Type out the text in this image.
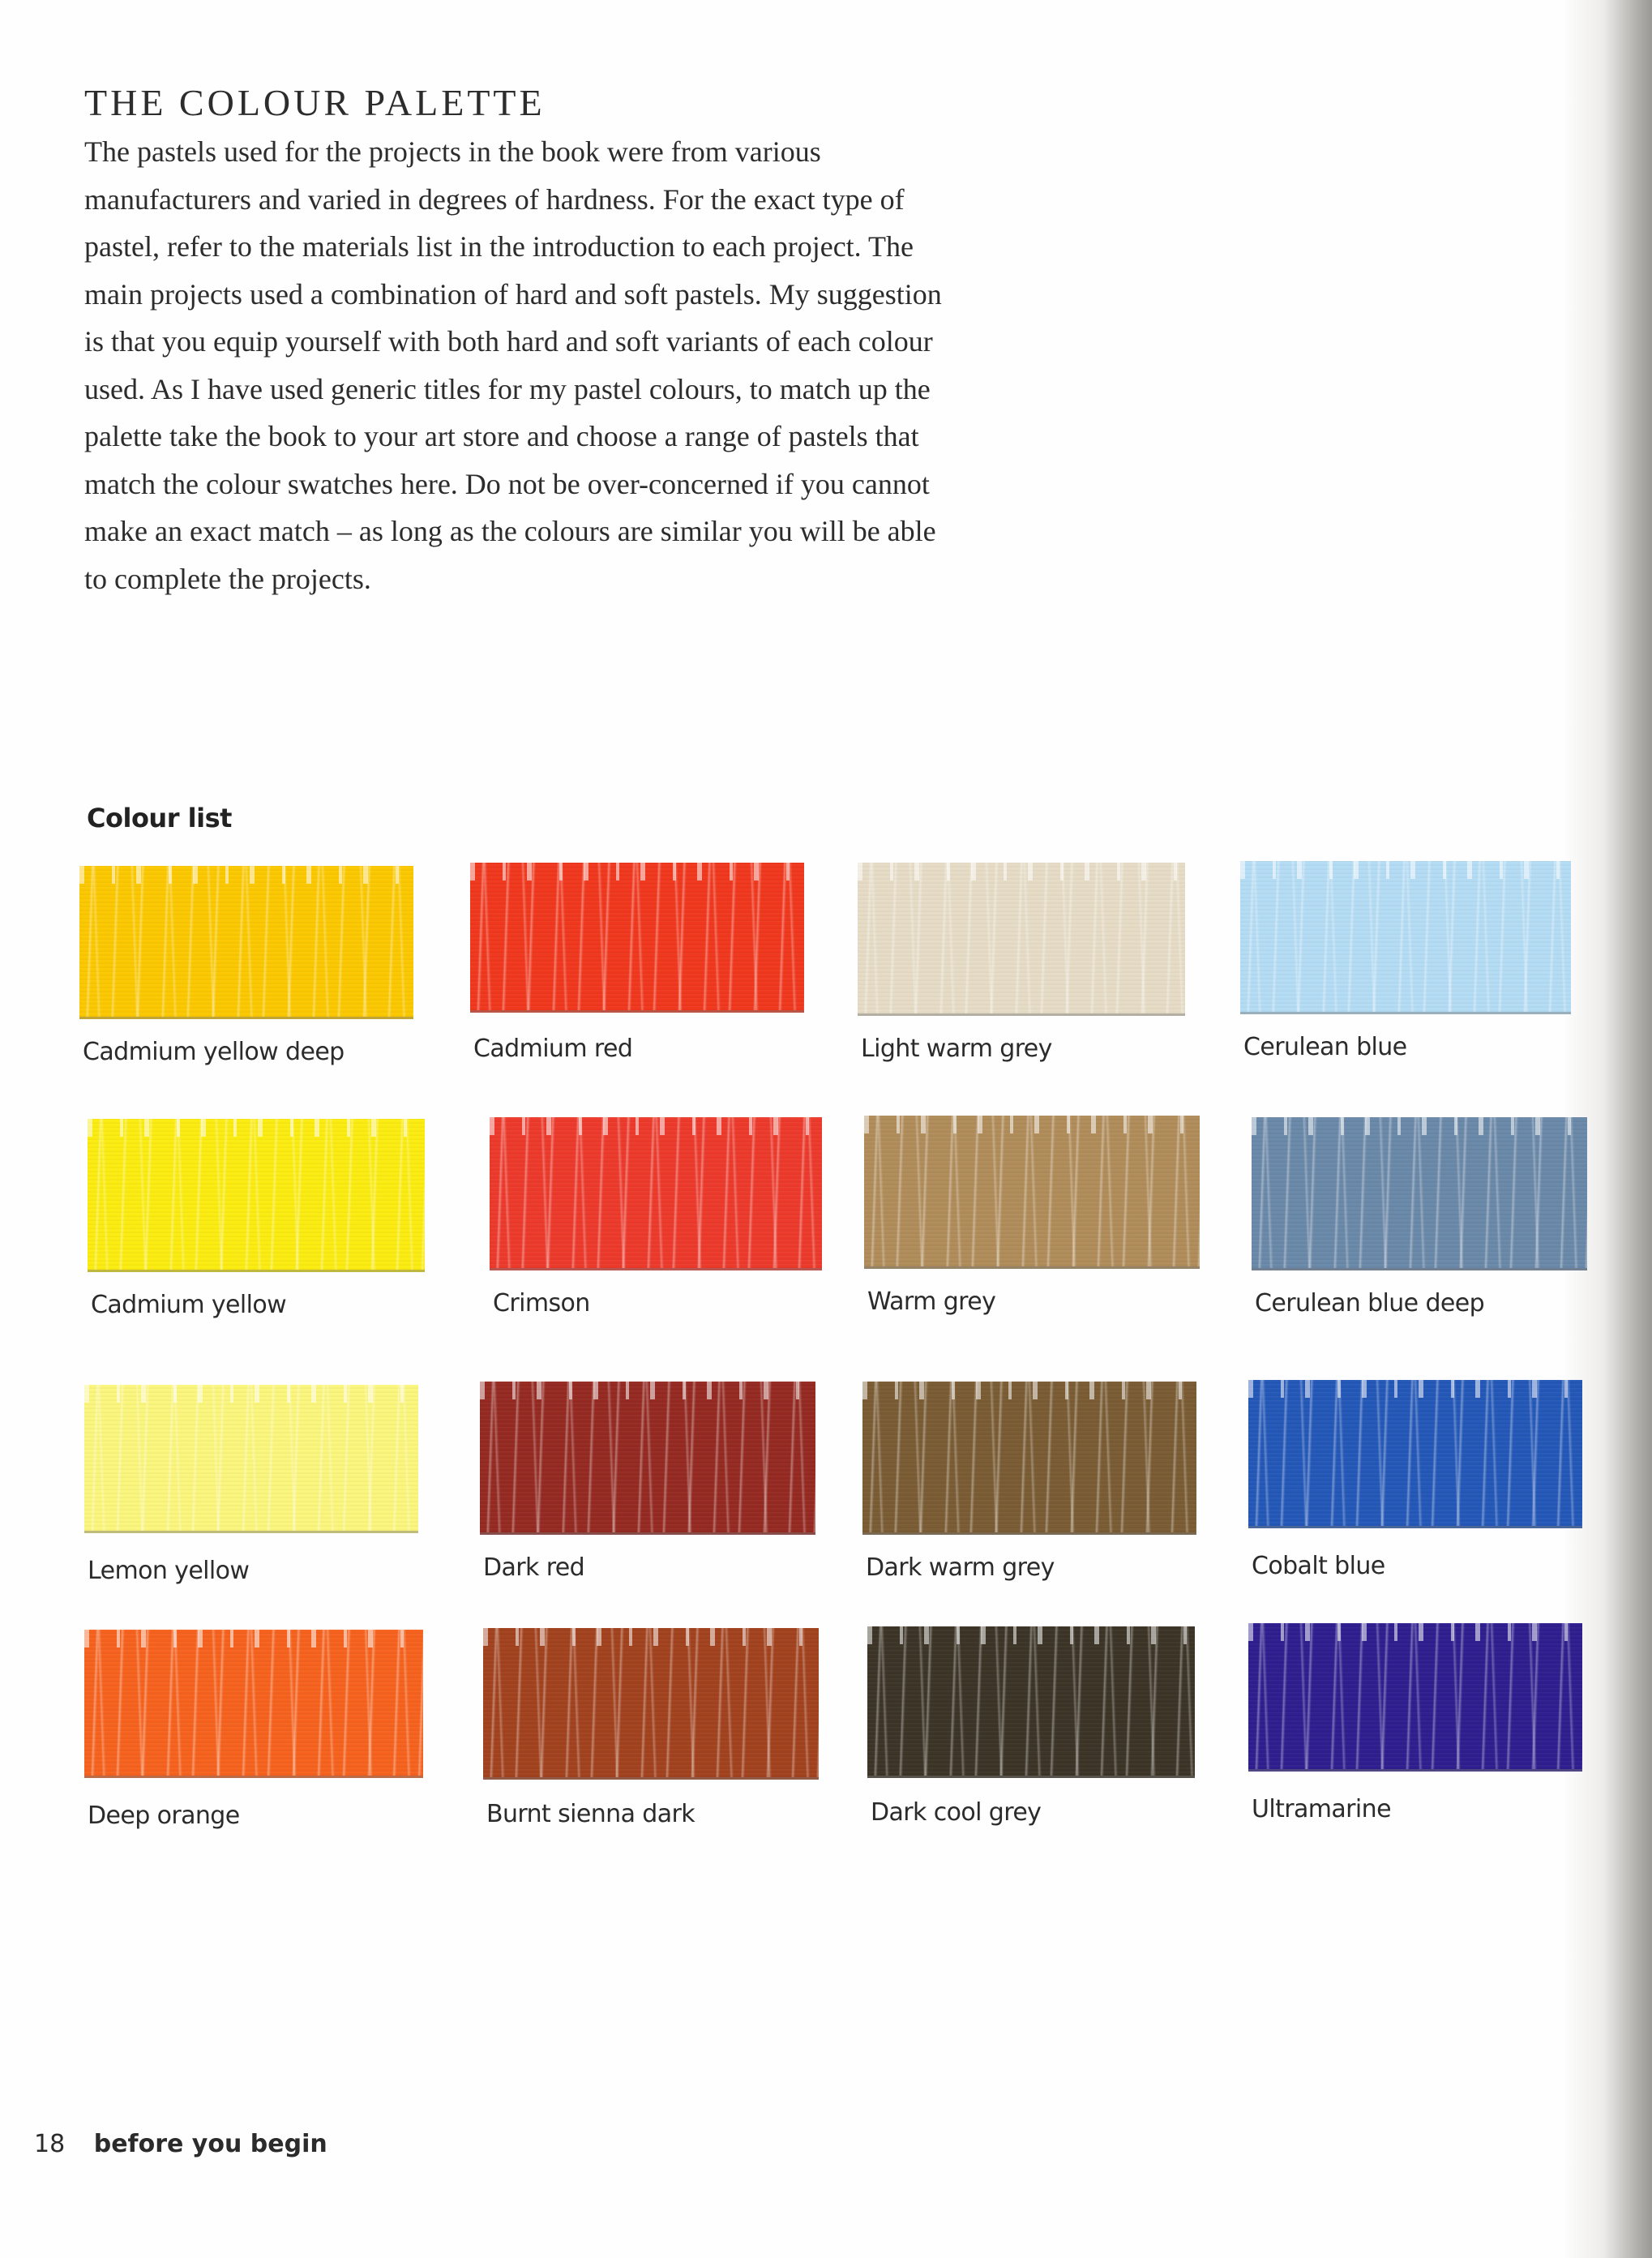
THE COLOUR PALETTE

The pastels used for the projects in the book were from various
manufacturers and varied in degrees of hardness. For the exact type of
pastel, refer to the materials list in the introduction to each project. The
main projects used a combination of hard and soft pastels. My suggestion
is that you equip yourself with both hard and soft variants of each colour
used. As I have used generic titles for my pastel colours, to match up the
palette take the book to your art store and choose a range of pastels that
match the colour swatches here. Do not be over-concerned if you cannot
make an exact match – as long as the colours are similar you will be able
to complete the projects.

Colour list
Cadmium yellow deep	Cadmium red	Light warm grey	Cerulean blue
Cadmium yellow	Crimson	Warm grey	Cerulean blue deep
Lemon yellow	Dark red	Dark warm grey	Cobalt blue
Deep orange	Burnt sienna dark	Dark cool grey	Ultramarine
18 before you begin
